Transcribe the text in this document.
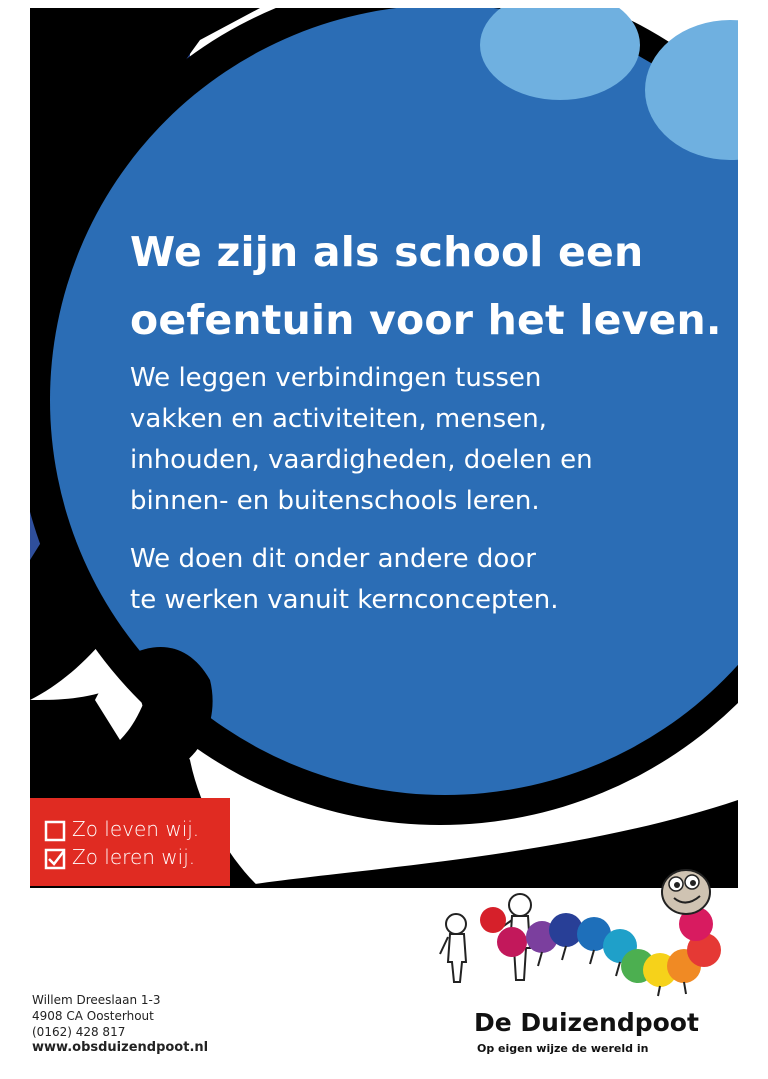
We zijn als school een
oefentuin voor het leven.
We leggen verbindingen tussen
vakken en activiteiten, mensen,
inhouden, vaardigheden, doelen en
binnen- en buitenschools leren.
We doen dit onder andere door
te werken vanuit kernconcepten.
Zo leven wij.
Zo leren wij.
Willem Dreeslaan 1-3
4908 CA Oosterhout
(0162) 428 817
www.obsduizendpoot.nl
De Duizendpoot
Op eigen wijze de wereld in
